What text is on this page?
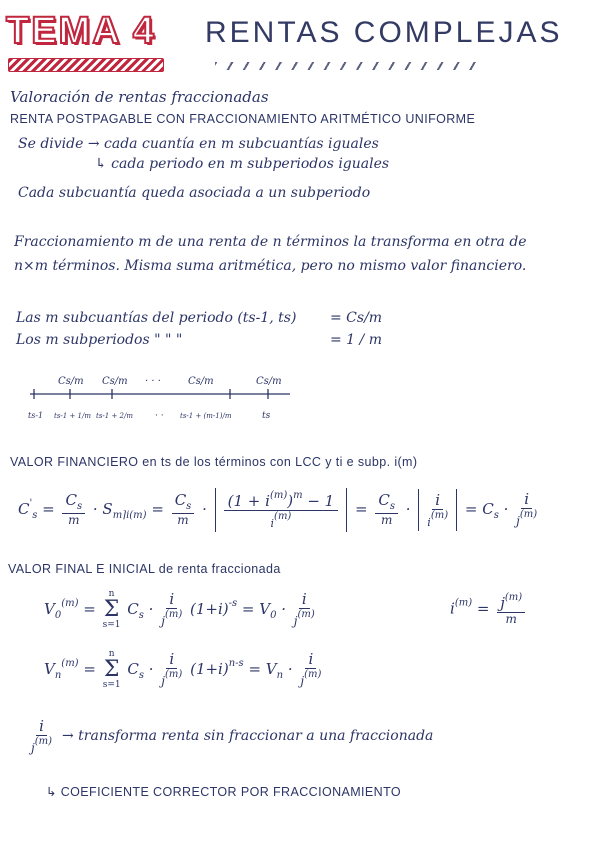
TEMA 4 RENTAS COMPLEJAS
Valoración de rentas fraccionadas
RENTA POSTPAGABLE CON FRACCIONAMIENTO ARITMÉTICO UNIFORME
Se divide → cada cuantía en m subcuantías iguales
↳ cada periodo en m subperiodos iguales
Cada subcuantía queda asociada a un subperiodo
Fraccionamiento m de una renta de n términos la transforma en otra de
n×m términos. Misma suma aritmética, pero no mismo valor financiero.
Las m subcuantías del periodo (ts-1, ts) = Cs/m
Los m subperiodos " " "	= 1 / m
Cs/m Cs/m · · ·	Cs/m	Cs/m
ts-1 ts-1 + 1/m ts-1 + 2/m · · ts-1 + (m-1)/m	ts
VALOR FINANCIERO en ts de los términos con LCC y ti e subp. i(m)
$C'_s = \frac{C_s}{m} \cdot S_{m⌉i(m)} = \frac{C_s}{m} \cdot (1 + i^{(m)})^m - 1$
i(m)	= $\frac{C_s}{m} \cdot i$
$i(m) = C_s \cdot \frac{i}{j^{(m)}}$
VALOR FINAL E INICIAL de renta fraccionada
$V_0^{(m)}$ =
n
Σ
s=1
$C_s \cdot \frac{i}{j^{(m)}} (1+i)^{-s} = V_0 \cdot \frac{i}{j^{(m)}}$	$i^{(m)} = \frac{j^{(m)}}{m}$
$V_n^{(m)}$ =
n
Σ
s=1
$C_s \cdot \frac{i}{j^{(m)}} (1+i)^{n-s} = V_n \cdot \frac{i}{j^{(m)}}$
$\frac{i}{j^{(m)}}$ → transforma renta sin fraccionar a una fraccionada
↳ COEFICIENTE CORRECTOR POR FRACCIONAMIENTO
